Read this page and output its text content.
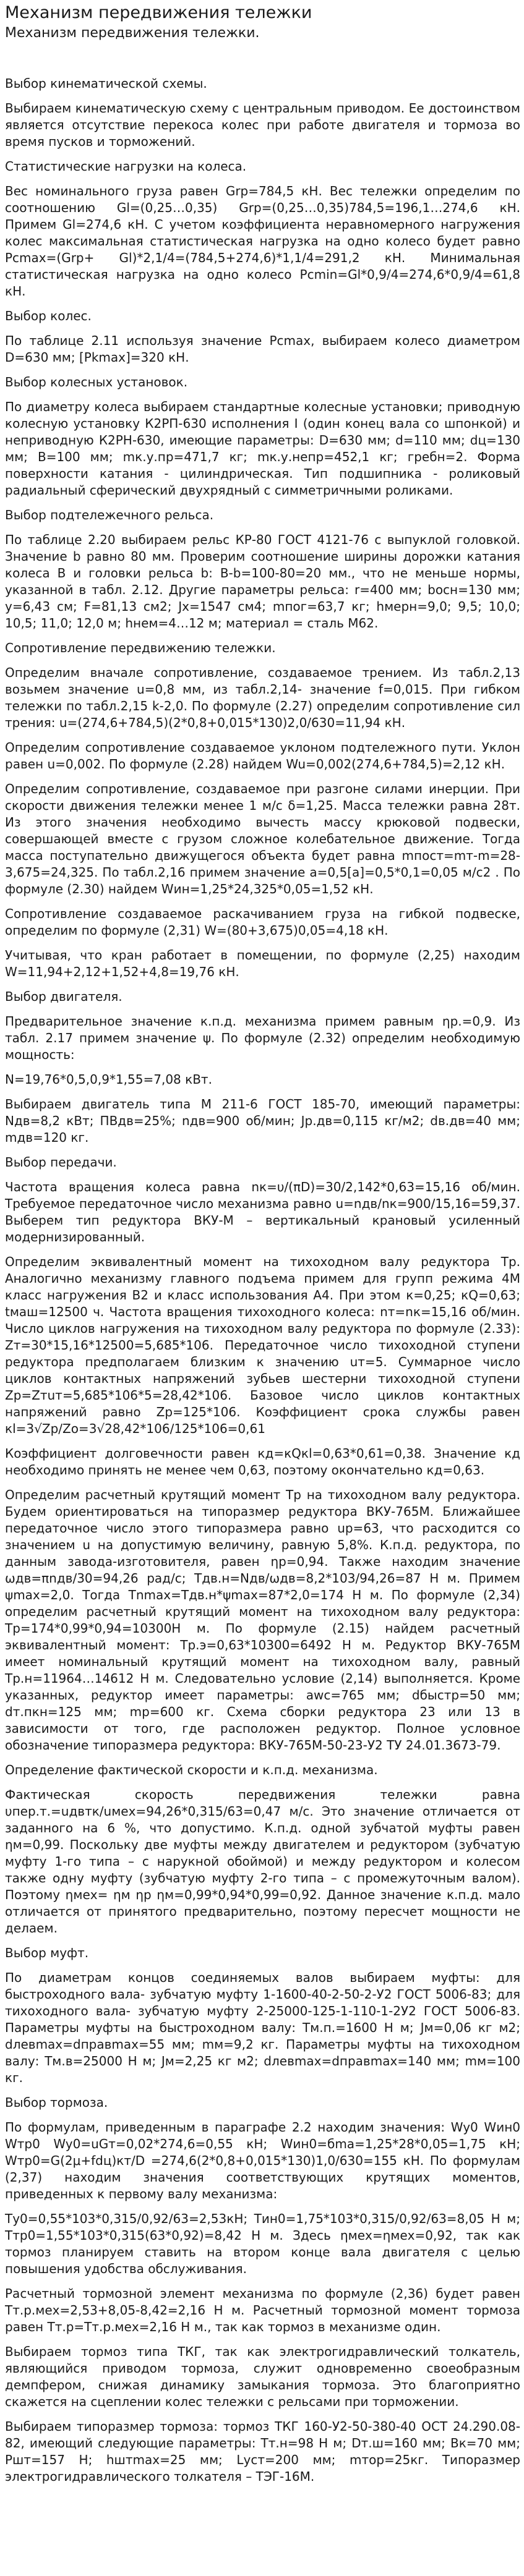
Механизм передвижения тележки
Механизм передвижения тележки.

Выбор кинематической схемы.

Выбираем кинематическую схему с центральным приводом. Ее достоинством является отсутствие перекоса колес при работе двигателя и тормоза во время пусков и торможений.

Статистические нагрузки на колеса.

Вес номинального груза равен Grp=784,5 кН. Вес тележки определим по соотношению Gl=(0,25…0,35) Grp=(0,25…0,35)784,5=196,1…274,6 кН. Примем Gl=274,6 кН. С учетом коэффициента неравномерного нагружения колес максимальная статистическая нагрузка на одно колесо будет равно Рcmax=(Grp+ Gl)*2,1/4=(784,5+274,6)*1,1/4=291,2 кН. Минимальная статистическая нагрузка на одно колесо Рcmin=Gl*0,9/4=274,6*0,9/4=61,8 кН.

Выбор колес.

По таблице 2.11 используя значение Рcmax, выбираем колесо диаметром D=630 мм; [Рkmax]=320 кН.

Выбор колесных установок.

По диаметру колеса выбираем стандартные колесные установки; приводную колесную установку К2РП-630 исполнения I (один конец вала со шпонкой) и неприводную К2РН-630, имеющие параметры: D=630 мм; d=110 мм; dц=130 мм; В=100 мм; mк.у.пр=471,7 кг; mк.у.непр=452,1 кг; гребн=2. Форма поверхности катания - цилиндрическая. Тип подшипника - роликовый радиальный сферический двухрядный с симметричными роликами.

Выбор подтележечного рельса.

По таблице 2.20 выбираем рельс КР-80 ГОСТ 4121-76 с выпуклой головкой. Значение b равно 80 мм. Проверим соотношение ширины дорожки катания колеса В и головки рельса b: В-b=100-80=20 мм., что не меньше нормы, указанной в табл. 2.12. Другие параметры рельса: r=400 мм; bосн=130 мм; y=6,43 см; F=81,13 см2; Jx=1547 см4; mпог=63,7 кг; hмерн=9,0; 9,5; 10,0; 10,5; 11,0; 12,0 м; hнем=4…12 м; материал = сталь М62.

Сопротивление передвижению тележки.

Определим вначале сопротивление, создаваемое трением. Из табл.2,13 возьмем значение u=0,8 мм, из табл.2,14- значение f=0,015. При гибком тележки по табл.2,15 k-2,0. По формуле (2.27) определим сопротивление сил трения: u=(274,6+784,5)(2*0,8+0,015*130)2,0/630=11,94 кН.

Определим сопротивление создаваемое уклоном подтележного пути. Уклон равен u=0,002. По формуле (2.28) найдем Wu=0,002(274,6+784,5)=2,12 кН.

Определим сопротивление, создаваемое при разгоне силами инерции. При скорости движения тележки менее 1 м/с δ=1,25. Масса тележки равна 28т. Из этого значения необходимо вычесть массу крюковой подвески, совершающей вместе с грузом сложное колебательное движение. Тогда масса поступательно движущегося объекта будет равна mпост=mт-m=28-3,675=24,325. По табл.2,16 примем значение a=0,5[a]=0,5*0,1=0,05 м/с2 . По формуле (2.30) найдем Wин=1,25*24,325*0,05=1,52 кН.

Сопротивление создаваемое раскачиванием груза на гибкой подвеске, определим по формуле (2,31) W=(80+3,675)0,05=4,18 кН.

Учитывая, что кран работает в помещении, по формуле (2,25) находим W=11,94+2,12+1,52+4,8=19,76 кН.

Выбор двигателя.

Предварительное значение к.п.д. механизма примем равным ηр.=0,9. Из табл. 2.17 примем значение ψ. По формуле (2.32) определим необходимую мощность:

N=19,76*0,5,0,9*1,55=7,08 кВт.

Выбираем двигатель типа М 211-6 ГОСТ 185-70, имеющий параметры: Nдв=8,2 кВт; ПВдв=25%; nдв=900 об/мин; Jр.дв=0,115 кг/м2; dв.дв=40 мм; mдв=120 кг.

Выбор передачи.

Частота вращения колеса равна nк=υ/(πD)=30/2,142*0,63=15,16 об/мин. Требуемое передаточное число механизма равно u=nдв/nк=900/15,16=59,37. Выберем тип редуктора ВКУ-М – вертикальный крановый усиленный модернизированный.

Определим эквивалентный момент на тихоходном валу редуктора Тр. Аналогично механизму главного подъема примем для групп режима 4М класс нагружения В2 и класс использования А4. При этом к=0,25; кQ=0,63; tмаш=12500 ч. Частота вращения тихоходного колеса: nт=nк=15,16 об/мин. Число циклов нагружения на тихоходном валу редуктора по формуле (2.33): Zт=30*15,16*12500=5,685*106. Передаточное число тихоходной ступени редуктора предполагаем близким к значению uт=5. Суммарное число циклов контактных напряжений зубьев шестерни тихоходной ступени Zp=Zтuт=5,685*106*5=28,42*106. Базовое число циклов контактных напряжений равно Zp=125*106. Коэффициент срока службы равен кl=3√Zp/Zo=3√28,42*106/125*106=0,61

Коэффициент долговечности равен кд=кQкl=0,63*0,61=0,38. Значение кд необходимо принять не менее чем 0,63, поэтому окончательно кд=0,63.

Определим расчетный крутящий момент Тр на тихоходном валу редуктора. Будем ориентироваться на типоразмер редуктора ВКУ-765М. Ближайшее передаточное число этого типоразмера равно uр=63, что расходится со значением u на допустимую величину, равную 5,8%. К.п.д. редуктора, по данным завода-изготовителя, равен ηр=0,94. Также находим значение ωдв=πnдв/30=94,26 рад/с; Тдв.н=Nдв/ωдв=8,2*103/94,26=87 Н м. Примем ψmax=2,0. Тогда Тnmax=Тдв.н*ψmax=87*2,0=174 Н м. По формуле (2,34) определим расчетный крутящий момент на тихоходном валу редуктора: Тр=174*0,99*0,94=10300Н м. По формуле (2.15) найдем расчетный эквивалентный момент: Тр.э=0,63*10300=6492 Н м. Редуктор ВКУ-765М имеет номинальный крутящий момент на тихоходном валу, равный Тр.н=11964…14612 Н м. Следовательно условие (2,14) выполняется. Кроме указанных, редуктор имеет параметры: аwс=765 мм; dбыстр=50 мм; dт.пкн=125 мм; mр=600 кг. Схема сборки редуктора 23 или 13 в зависимости от того, где расположен редуктор. Полное условное обозначение типоразмера редуктора: ВКУ-765М-50-23-У2 ТУ 24.01.3673-79.

Определение фактической скорости и к.п.д. механизма.

Фактическая скорость передвижения тележки равна υпер.т.=uдвтк/uмех=94,26*0,315/63=0,47 м/с. Это значение отличается от заданного на 6 %, что допустимо. К.п.д. одной зубчатой муфты равен ηм=0,99. Поскольку две муфты между двигателем и редуктором (зубчатую муфту 1-го типа – с нарукной обоймой) и между редуктором и колесом также одну муфту (зубчатую муфту 2-го типа – с промежуточным валом). Поэтому ηмех= ηм ηр ηм=0,99*0,94*0,99=0,92. Данное значение к.п.д. мало отличается от принятого предварительно, поэтому пересчет мощности не делаем.

Выбор муфт.

По диаметрам концов соединяемых валов выбираем муфты: для быстроходного вала- зубчатую муфту 1-1600-40-2-50-2-У2 ГОСТ 5006-83; для тихоходного вала- зубчатую муфту 2-25000-125-1-110-1-2У2 ГОСТ 5006-83. Параметры муфты на быстроходном валу: Тм.п.=1600 Н м; Jм=0,06 кг м2; dлевmax=dправmax=55 мм; mм=9,2 кг. Параметры муфты на тихоходном валу: Тм.в=25000 Н м; Jм=2,25 кг м2; dлевmax=dправmax=140 мм; mм=100 кг.

Выбор тормоза.

По формулам, приведенным в параграфе 2.2 находим значения: Wy0 Wин0 Wтр0 Wy0=uGт=0,02*274,6=0,55 кН; Wин0=бma=1,25*28*0,05=1,75 кН; Wтр0=G(2μ+fdц)кт/D =274,6(2*0,8+0,015*130)1,0/630=155 кН. По формулам (2,37) находим значения соответствующих крутящих моментов, приведенных к первому валу механизма:

Тy0=0,55*103*0,315/0,92/63=2,53кН; Тин0=1,75*103*0,315/0,92/63=8,05 Н м; Ттр0=1,55*103*0,315(63*0,92)=8,42 Н м. Здесь ηмех=ηмех=0,92, так как тормоз планируем ставить на втором конце вала двигателя с целью повышения удобства обслуживания.

Расчетный тормозной элемент механизма по формуле (2,36) будет равен Тт.р.мех=2,53+8,05-8,42=2,16 Н м. Расчетный тормозной момент тормоза равен Тт.р=Тт.р.мех=2,16 Н м., так как тормоз в механизме один.

Выбираем тормоз типа ТКГ, так как электрогидравлический толкатель, являющийся приводом тормоза, служит одновременно своеобразным демпфером, снижая динамику замыкания тормоза. Это благоприятно скажется на сцеплении колес тележки с рельсами при торможении.

Выбираем типоразмер тормоза: тормоз ТКГ 160-У2-50-380-40 ОСТ 24.290.08-82, имеющий следующие параметры: Тт.н=98 Н м; Dт.ш=160 мм; Вк=70 мм; Pшт=157 Н; hштmax=25 мм; Lуст=200 мм; mтор=25кг. Типоразмер электрогидравлического толкателя – ТЭГ-16М.
